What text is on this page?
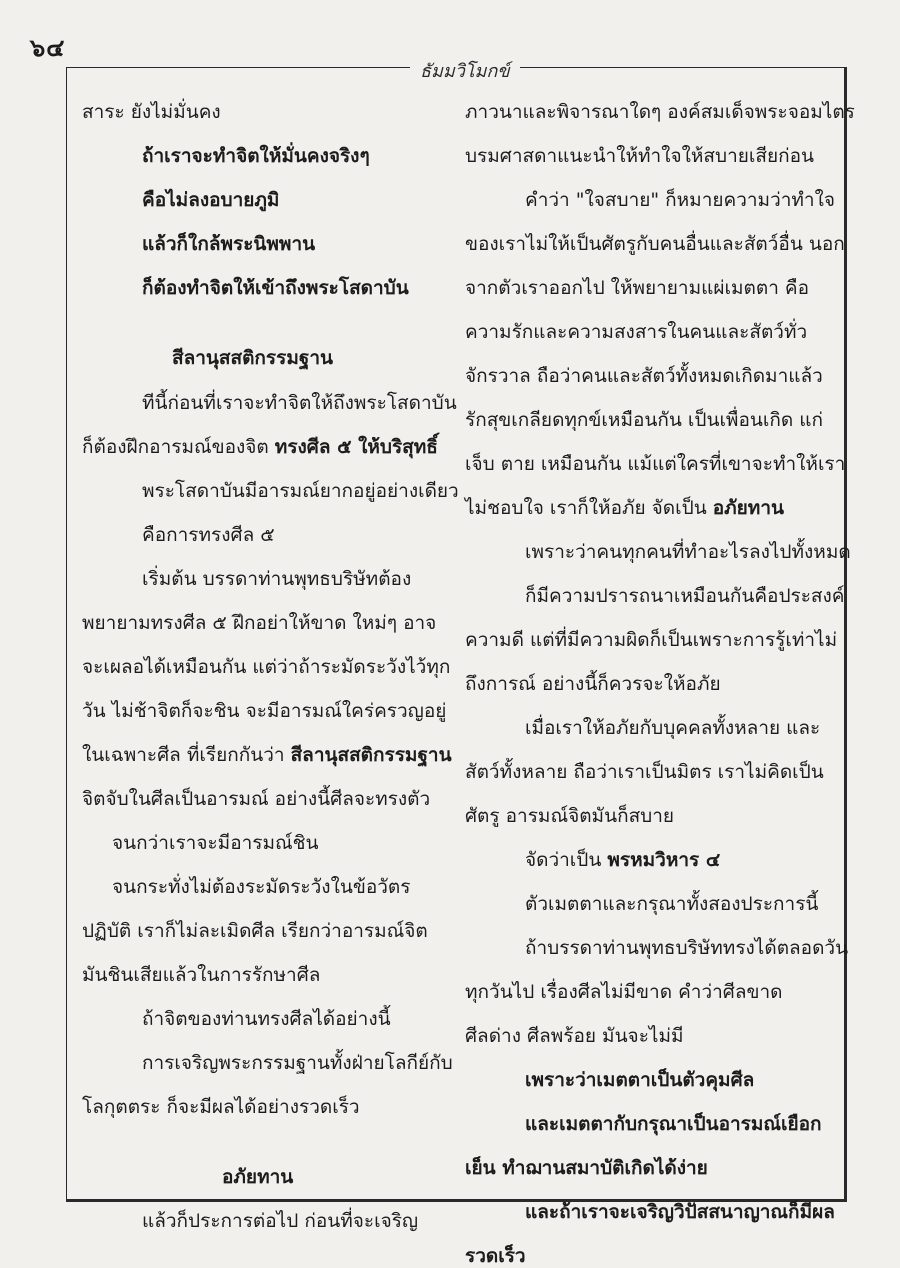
๖๔
ธัมมวิโมกข์
สาระ ยังไม่มั่นคง
ถ้าเราจะทำจิตให้มั่นคงจริงๆ
คือไม่ลงอบายภูมิ
แล้วก็ใกล้พระนิพพาน
ก็ต้องทำจิตให้เข้าถึงพระโสดาบัน
สีลานุสสติกรรมฐาน
ทีนี้ก่อนที่เราจะทำจิตให้ถึงพระโสดาบัน
ก็ต้องฝึกอารมณ์ของจิต ทรงศีล ๕ ให้บริสุทธิ์
พระโสดาบันมีอารมณ์ยากอยู่อย่างเดียว
คือการทรงศีล ๕
เริ่มต้น บรรดาท่านพุทธบริษัทต้อง
พยายามทรงศีล ๕ ฝึกอย่าให้ขาด ใหม่ๆ อาจ
จะเผลอได้เหมือนกัน แต่ว่าถ้าระมัดระวังไว้ทุก
วัน ไม่ช้าจิตก็จะชิน จะมีอารมณ์ใคร่ครวญอยู่
ในเฉพาะศีล ที่เรียกกันว่า สีลานุสสติกรรมฐาน
จิตจับในศีลเป็นอารมณ์ อย่างนี้ศีลจะทรงตัว
จนกว่าเราจะมีอารมณ์ชิน
จนกระทั่งไม่ต้องระมัดระวังในข้อวัตร
ปฏิบัติ เราก็ไม่ละเมิดศีล เรียกว่าอารมณ์จิต
มันชินเสียแล้วในการรักษาศีล
ถ้าจิตของท่านทรงศีลได้อย่างนี้
การเจริญพระกรรมฐานทั้งฝ่ายโลกีย์กับ
โลกุตตระ ก็จะมีผลได้อย่างรวดเร็ว
อภัยทาน
แล้วก็ประการต่อไป ก่อนที่จะเจริญ
ภาวนาและพิจารณาใดๆ องค์สมเด็จพระจอมไตร
บรมศาสดาแนะนำให้ทำใจให้สบายเสียก่อน
คำว่า "ใจสบาย" ก็หมายความว่าทำใจ
ของเราไม่ให้เป็นศัตรูกับคนอื่นและสัตว์อื่น นอก
จากตัวเราออกไป ให้พยายามแผ่เมตตา คือ
ความรักและความสงสารในคนและสัตว์ทั่ว
จักรวาล ถือว่าคนและสัตว์ทั้งหมดเกิดมาแล้ว
รักสุขเกลียดทุกข์เหมือนกัน เป็นเพื่อนเกิด แก่
เจ็บ ตาย เหมือนกัน แม้แต่ใครที่เขาจะทำให้เรา
ไม่ชอบใจ เราก็ให้อภัย จัดเป็น อภัยทาน
เพราะว่าคนทุกคนที่ทำอะไรลงไปทั้งหมด
ก็มีความปรารถนาเหมือนกันคือประสงค์
ความดี แต่ที่มีความผิดก็เป็นเพราะการรู้เท่าไม่
ถึงการณ์ อย่างนี้ก็ควรจะให้อภัย
เมื่อเราให้อภัยกับบุคคลทั้งหลาย และ
สัตว์ทั้งหลาย ถือว่าเราเป็นมิตร เราไม่คิดเป็น
ศัตรู อารมณ์จิตมันก็สบาย
จัดว่าเป็น พรหมวิหาร ๔
ตัวเมตตาและกรุณาทั้งสองประการนี้
ถ้าบรรดาท่านพุทธบริษัททรงได้ตลอดวัน
ทุกวันไป เรื่องศีลไม่มีขาด คำว่าศีลขาด
ศีลด่าง ศีลพร้อย มันจะไม่มี
เพราะว่าเมตตาเป็นตัวคุมศีล
และเมตตากับกรุณาเป็นอารมณ์เยือก
เย็น ทำฌานสมาบัติเกิดได้ง่าย
และถ้าเราจะเจริญวิปัสสนาญาณก็มีผล
รวดเร็ว
